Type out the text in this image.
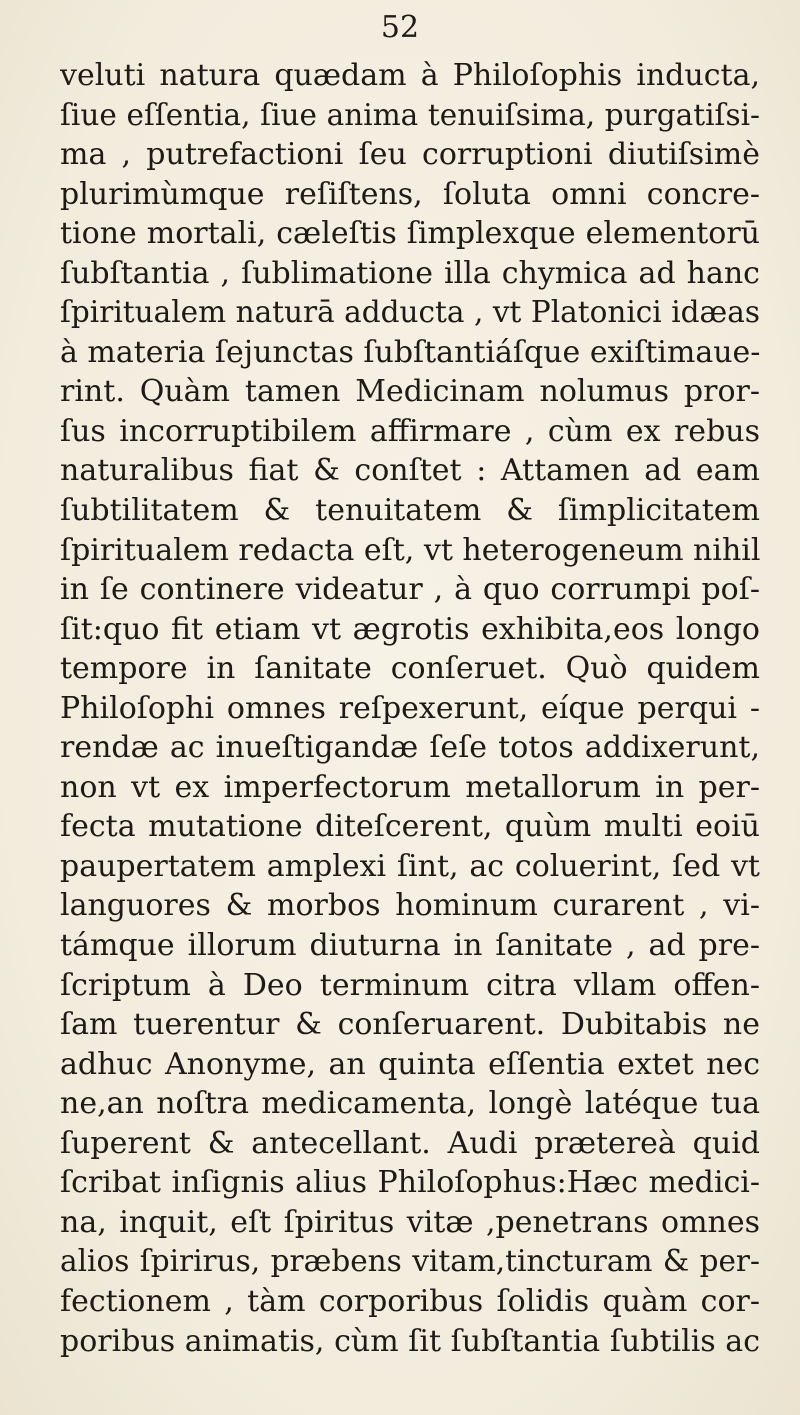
52
veluti natura quædam à Philoſophis inducta,
ſiue eſſentia, ſiue anima tenuiſsima, purgatiſsi-
ma , putrefactioni ſeu corruptioni diutiſsimè
plurimùmque reſiſtens, ſoluta omni concre-
tione mortali, cæleſtis ſimplexque elementorū
ſubſtantia , ſublimatione illa chymica ad hanc
ſpiritualem naturā adducta , vt Platonici idæas
à materia ſejunctas ſubſtantiáſque exiſtimaue-
rint. Quàm tamen Medicinam nolumus pror-
ſus incorruptibilem affirmare , cùm ex rebus
naturalibus fiat & conſtet : Attamen ad eam
ſubtilitatem & tenuitatem & ſimplicitatem
ſpiritualem redacta eſt, vt heterogeneum nihil
in ſe continere videatur , à quo corrumpi poſ-
ſit:quo fit etiam vt ægrotis exhibita,eos longo
tempore in ſanitate conſeruet. Quò quidem
Philoſophi omnes reſpexerunt, eíque perqui -
rendæ ac inueſtigandæ ſeſe totos addixerunt,
non vt ex imperfectorum metallorum in per-
fecta mutatione diteſcerent, quùm multi eoiū
paupertatem amplexi ſint, ac coluerint, ſed vt
languores & morbos hominum curarent , vi-
támque illorum diuturna in ſanitate , ad pre-
ſcriptum à Deo terminum citra vllam offen-
ſam tuerentur & conſeruarent. Dubitabis ne
adhuc Anonyme, an quinta eſſentia extet nec
ne,an noſtra medicamenta, longè latéque tua
ſuperent & antecellant. Audi prætereà quid
ſcribat inſignis alius Philoſophus:Hæc medici-
na, inquit, eſt ſpiritus vitæ ,penetrans omnes
alios ſpirirus, præbens vitam,tincturam & per-
fectionem , tàm corporibus ſolidis quàm cor-
poribus animatis, cùm ſit ſubſtantia ſubtilis ac
